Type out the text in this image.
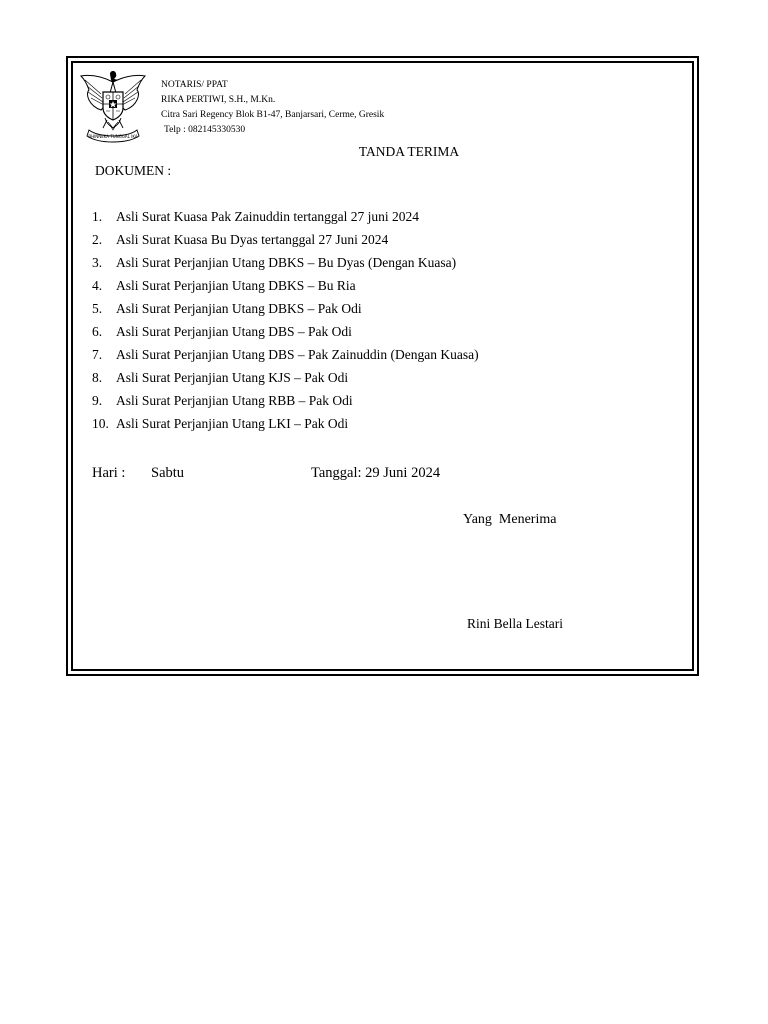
BHINNEKA TUNGGAL IKA
NOTARIS/ PPAT
RIKA PERTIWI, S.H., M.Kn.
Citra Sari Regency Blok B1-47, Banjarsari, Cerme, Gresik
Telp : 082145330530
TANDA TERIMA
DOKUMEN :
1. Asli Surat Kuasa Pak Zainuddin tertanggal 27 juni 2024
2. Asli Surat Kuasa Bu Dyas tertanggal 27 Juni 2024
3. Asli Surat Perjanjian Utang DBKS – Bu Dyas (Dengan Kuasa)
4. Asli Surat Perjanjian Utang DBKS – Bu Ria
5. Asli Surat Perjanjian Utang DBKS – Pak Odi
6. Asli Surat Perjanjian Utang DBS – Pak Odi
7. Asli Surat Perjanjian Utang DBS – Pak Zainuddin (Dengan Kuasa)
8. Asli Surat Perjanjian Utang KJS – Pak Odi
9. Asli Surat Perjanjian Utang RBB – Pak Odi
10. Asli Surat Perjanjian Utang LKI – Pak Odi
Hari : Sabtu	Tanggal: 29 Juni 2024
Yang  Menerima
Rini Bella Lestari
